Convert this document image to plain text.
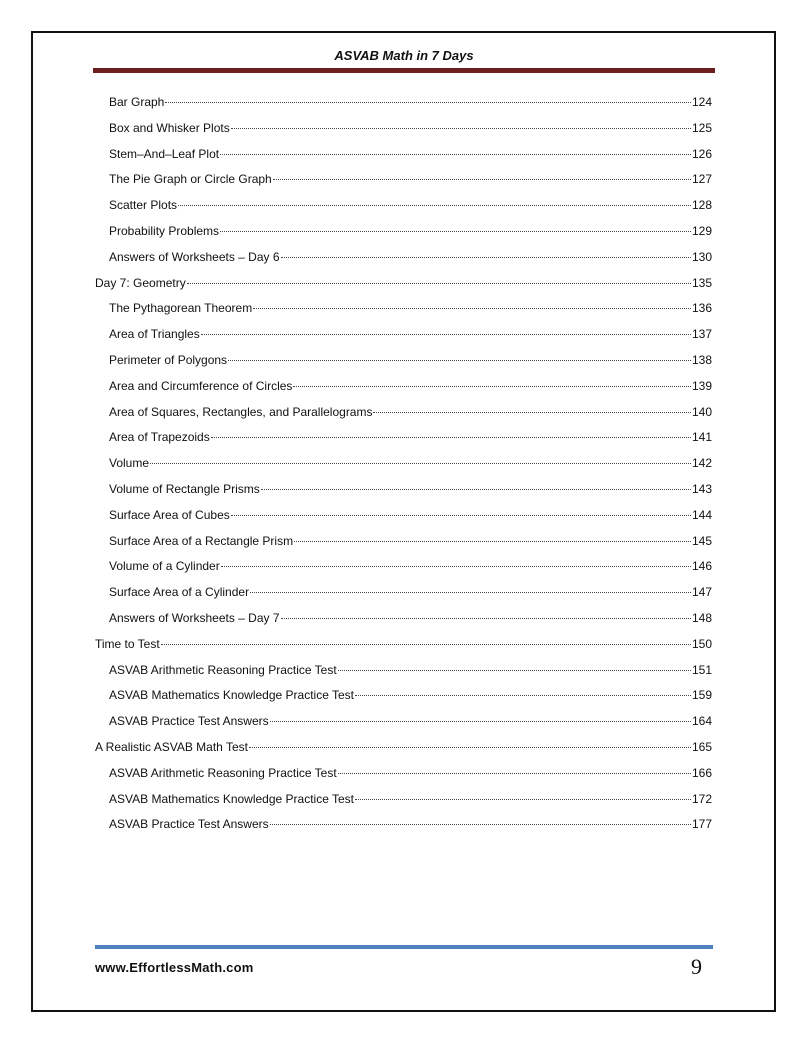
ASVAB Math in 7 Days
Bar Graph	124
Box and Whisker Plots	125
Stem–And–Leaf Plot	126
The Pie Graph or Circle Graph	127
Scatter Plots	128
Probability Problems	129
Answers of Worksheets – Day 6	130
Day 7: Geometry	135
The Pythagorean Theorem	136
Area of Triangles	137
Perimeter of Polygons	138
Area and Circumference of Circles	139
Area of Squares, Rectangles, and Parallelograms	140
Area of Trapezoids	141
Volume	142
Volume of Rectangle Prisms	143
Surface Area of Cubes	144
Surface Area of a Rectangle Prism	145
Volume of a Cylinder	146
Surface Area of a Cylinder	147
Answers of Worksheets – Day 7	148
Time to Test	150
ASVAB Arithmetic Reasoning Practice Test	151
ASVAB Mathematics Knowledge Practice Test	159
ASVAB Practice Test Answers	164
A Realistic ASVAB Math Test	165
ASVAB Arithmetic Reasoning Practice Test	166
ASVAB Mathematics Knowledge Practice Test	172
ASVAB Practice Test Answers	177
www.EffortlessMath.com	9
